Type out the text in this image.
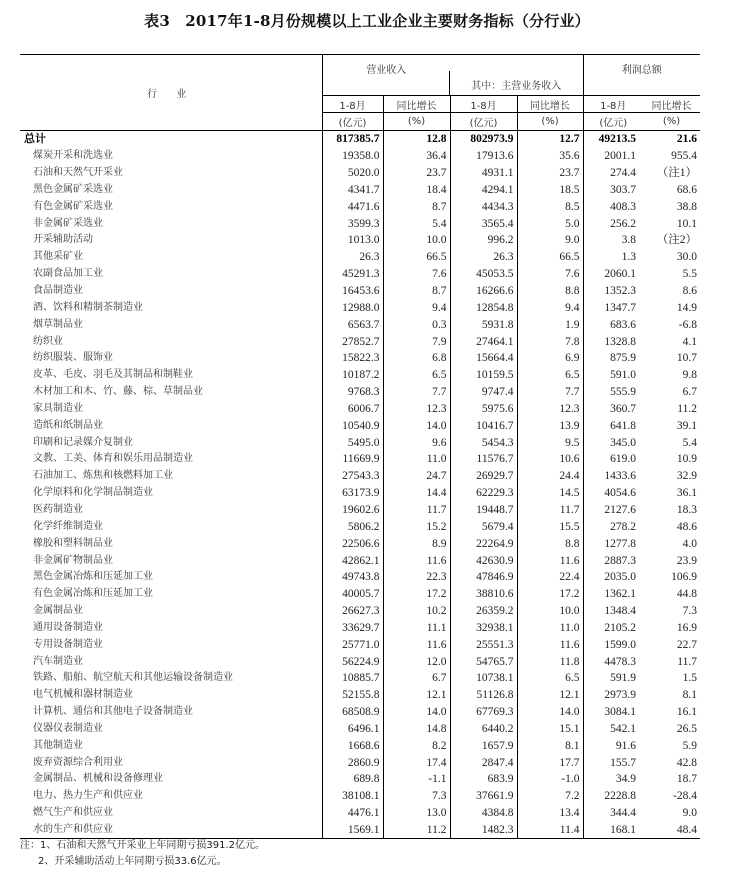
表3　2017年1-8月份规模以上工业企业主要财务指标（分行业）
行 业	营业收入		其中：主营业务收入		利润总额	
	1-8月	同比增长	1-8月	同比增长	1-8月	同比增长
	(亿元)	(%)	(亿元)	(%)	(亿元)	(%)
总计	817385.7	12.8	802973.9	12.7	49213.5	21.6
煤炭开采和洗选业	19358.0	36.4	17913.6	35.6	2001.1	955.4
石油和天然气开采业	5020.0	23.7	4931.1	23.7	274.4	（注1）
黑色金属矿采选业	4341.7	18.4	4294.1	18.5	303.7	68.6
有色金属矿采选业	4471.6	8.7	4434.3	8.5	408.3	38.8
非金属矿采选业	3599.3	5.4	3565.4	5.0	256.2	10.1
开采辅助活动	1013.0	10.0	996.2	9.0	3.8	（注2）
其他采矿业	26.3	66.5	26.3	66.5	1.3	30.0
农副食品加工业	45291.3	7.6	45053.5	7.6	2060.1	5.5
食品制造业	16453.6	8.7	16266.6	8.8	1352.3	8.6
酒、饮料和精制茶制造业	12988.0	9.4	12854.8	9.4	1347.7	14.9
烟草制品业	6563.7	0.3	5931.8	1.9	683.6	-6.8
纺织业	27852.7	7.9	27464.1	7.8	1328.8	4.1
纺织服装、服饰业	15822.3	6.8	15664.4	6.9	875.9	10.7
皮革、毛皮、羽毛及其制品和制鞋业	10187.2	6.5	10159.5	6.5	591.0	9.8
木材加工和木、竹、藤、棕、草制品业	9768.3	7.7	9747.4	7.7	555.9	6.7
家具制造业	6006.7	12.3	5975.6	12.3	360.7	11.2
造纸和纸制品业	10540.9	14.0	10416.7	13.9	641.8	39.1
印刷和记录媒介复制业	5495.0	9.6	5454.3	9.5	345.0	5.4
文教、工美、体育和娱乐用品制造业	11669.9	11.0	11576.7	10.6	619.0	10.9
石油加工、炼焦和核燃料加工业	27543.3	24.7	26929.7	24.4	1433.6	32.9
化学原料和化学制品制造业	63173.9	14.4	62229.3	14.5	4054.6	36.1
医药制造业	19602.6	11.7	19448.7	11.7	2127.6	18.3
化学纤维制造业	5806.2	15.2	5679.4	15.5	278.2	48.6
橡胶和塑料制品业	22506.6	8.9	22264.9	8.8	1277.8	4.0
非金属矿物制品业	42862.1	11.6	42630.9	11.6	2887.3	23.9
黑色金属冶炼和压延加工业	49743.8	22.3	47846.9	22.4	2035.0	106.9
有色金属冶炼和压延加工业	40005.7	17.2	38810.6	17.2	1362.1	44.8
金属制品业	26627.3	10.2	26359.2	10.0	1348.4	7.3
通用设备制造业	33629.7	11.1	32938.1	11.0	2105.2	16.9
专用设备制造业	25771.0	11.6	25551.3	11.6	1599.0	22.7
汽车制造业	56224.9	12.0	54765.7	11.8	4478.3	11.7
铁路、船舶、航空航天和其他运输设备制造业	10885.7	6.7	10738.1	6.5	591.9	1.5
电气机械和器材制造业	52155.8	12.1	51126.8	12.1	2973.9	8.1
计算机、通信和其他电子设备制造业	68508.9	14.0	67769.3	14.0	3084.1	16.1
仪器仪表制造业	6496.1	14.8	6440.2	15.1	542.1	26.5
其他制造业	1668.6	8.2	1657.9	8.1	91.6	5.9
废弃资源综合利用业	2860.9	17.4	2847.4	17.7	155.7	42.8
金属制品、机械和设备修理业	689.8	-1.1	683.9	-1.0	34.9	18.7
电力、热力生产和供应业	38108.1	7.3	37661.9	7.2	2228.8	-28.4
燃气生产和供应业	4476.1	13.0	4384.8	13.4	344.4	9.0
水的生产和供应业	1569.1	11.2	1482.3	11.4	168.1	48.4
注：1、石油和天然气开采业上年同期亏损391.2亿元。
2、开采辅助活动上年同期亏损33.6亿元。
